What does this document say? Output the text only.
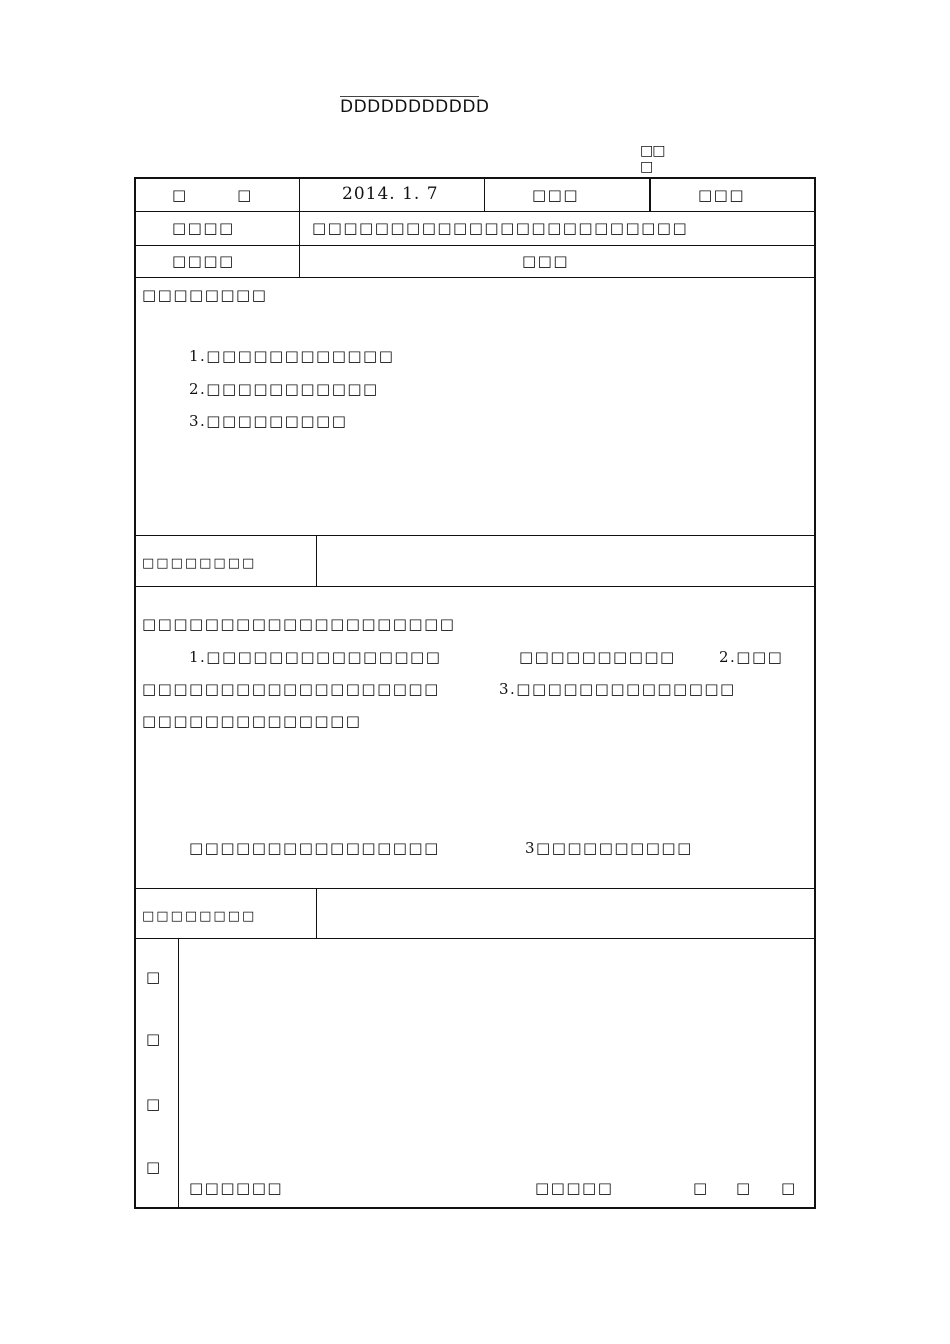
DDDDDDDDDDD
□□□
□　　　□	2014. 1. 7	□□□	□□□
□□□□	□□□□□□□□□□□□□□□□□□□□□□□□
□□□□	□□□
□□□□□□□□
1.□□□□□□□□□□□□
2.□□□□□□□□□□□
3.□□□□□□□□□
□□□□□□□□
□□□□□□□□□□□□□□□□□□□□
1.□□□□□□□□□□□□□□□	□□□□□□□□□□	2.□□□
□□□□□□□□□□□□□□□□□□□	3.□□□□□□□□□□□□□□
□□□□□□□□□□□□□□
□□□□□□□□□□□□□□□□	3□□□□□□□□□□
□□□□□□□□
□
□
□
□
□□□□□□	□□□□□	□ □ □
